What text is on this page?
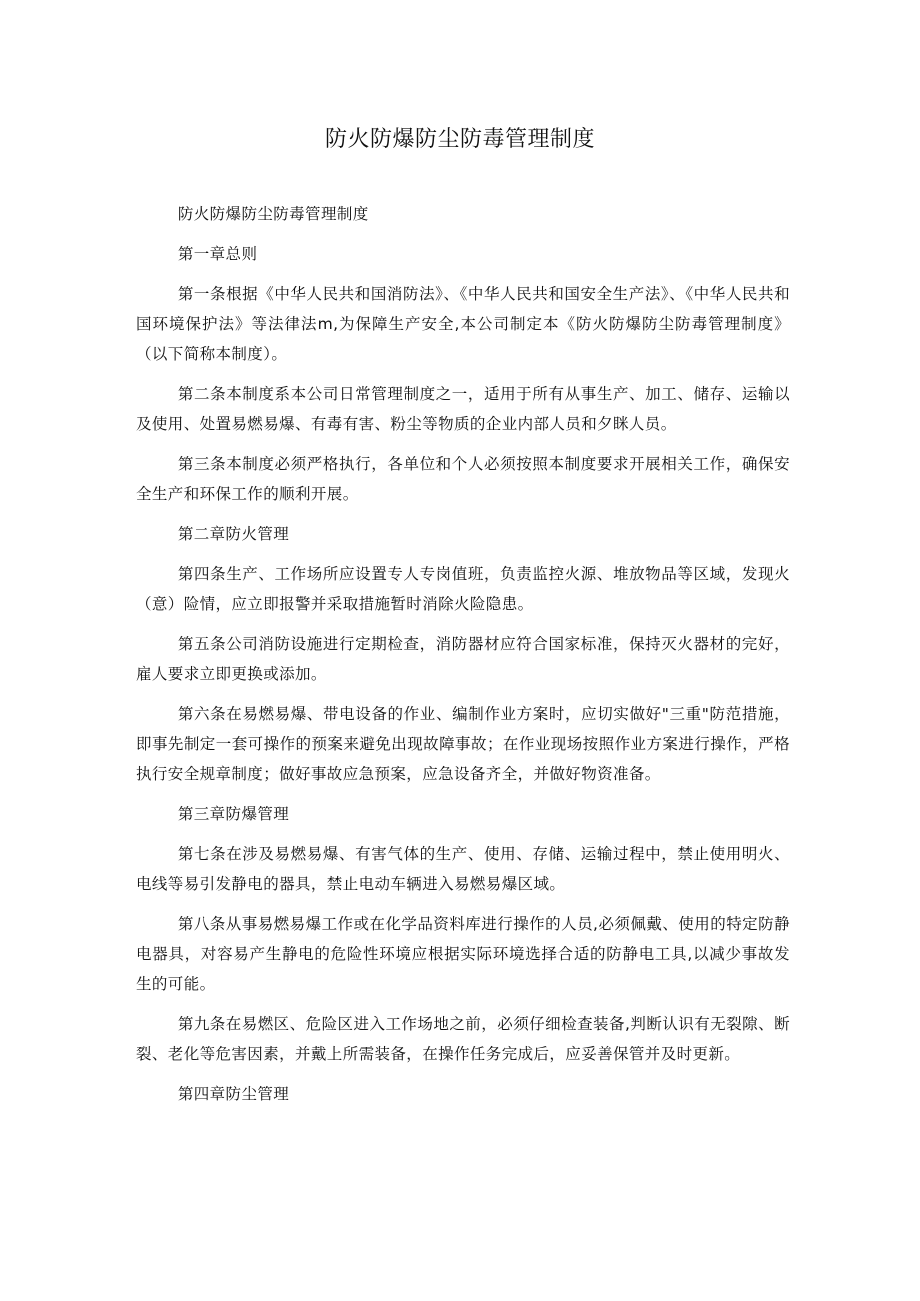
防火防爆防尘防毒管理制度

防火防爆防尘防毒管理制度

第一章总则

第一条根据《中华人民共和国消防法》、《中华人民共和国安全生产法》、《中华人民共和国环境保护法》等法律法m,为保障生产安全,本公司制定本《防火防爆防尘防毒管理制度》（以下简称本制度）。

第二条本制度系本公司日常管理制度之一，适用于所有从事生产、加工、储存、运输以及使用、处置易燃易爆、有毒有害、粉尘等物质的企业内部人员和夕眯人员。

第三条本制度必须严格执行，各单位和个人必须按照本制度要求开展相关工作，确保安全生产和环保工作的顺利开展。

第二章防火管理

第四条生产、工作场所应设置专人专岗值班，负责监控火源、堆放物品等区域，发现火（意）险情，应立即报警并采取措施暂时消除火险隐患。

第五条公司消防设施进行定期检查，消防器材应符合国家标准，保持灭火器材的完好，雇人要求立即更换或添加。

第六条在易燃易爆、带电设备的作业、编制作业方案时，应切实做好"三重"防范措施，即事先制定一套可操作的预案来避免出现故障事故；在作业现场按照作业方案进行操作，严格执行安全规章制度；做好事故应急预案，应急设备齐全，并做好物资准备。

第三章防爆管理

第七条在涉及易燃易爆、有害气体的生产、使用、存储、运输过程中，禁止使用明火、电线等易引发静电的器具，禁止电动车辆进入易燃易爆区域。

第八条从事易燃易爆工作或在化学品资料库进行操作的人员,必须佩戴、使用的特定防静电器具，对容易产生静电的危险性环境应根据实际环境选择合适的防静电工具,以减少事故发生的可能。

第九条在易燃区、危险区进入工作场地之前，必须仔细检查装备,判断认识有无裂隙、断裂、老化等危害因素，并戴上所需装备，在操作任务完成后，应妥善保管并及时更新。

第四章防尘管理
